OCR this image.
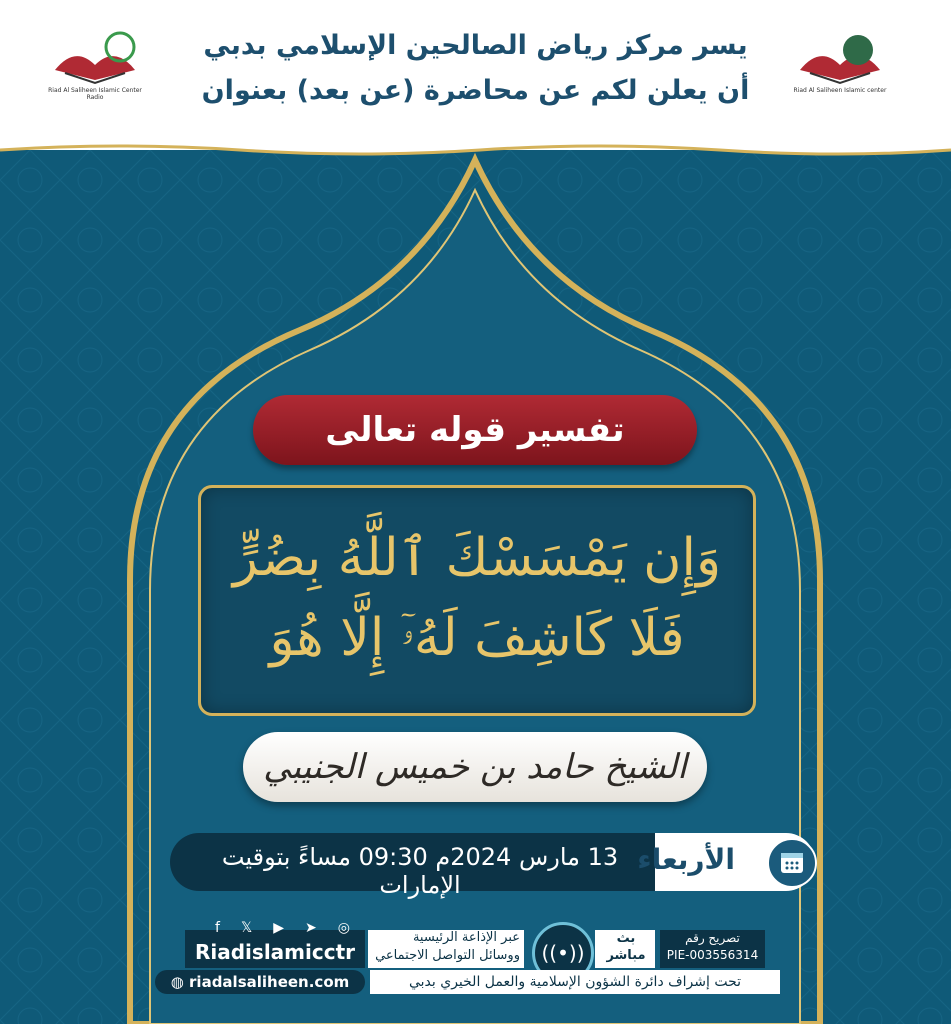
Riad Al Saliheen Islamic Center Radio
يسر مركز رياض الصالحين الإسلامي بدبي
أن يعلن لكم عن محاضرة (عن بعد) بعنوان	Riad Al Saliheen Islamic center
تفسير قوله تعالى
وَإِن يَمْسَسْكَ ٱللَّهُ بِضُرٍّ
فَلَا كَاشِفَ لَهُۥٓ إِلَّا هُوَ
الشيخ حامد بن خميس الجنيبي
13 مارس 2024م 09:30 مساءً بتوقيت الإمارات
الأربعاء
f 𝕏 ▶ ➤ ◎
Riadislamicctr
عبر الإذاعة الرئيسية
ووسائل التواصل الاجتماعي	((•))
بث
مباشر
تصريح رقم
PIE-003556314
◍ riadalsaliheen.com	تحت إشراف دائرة الشؤون الإسلامية والعمل الخيري بدبي
